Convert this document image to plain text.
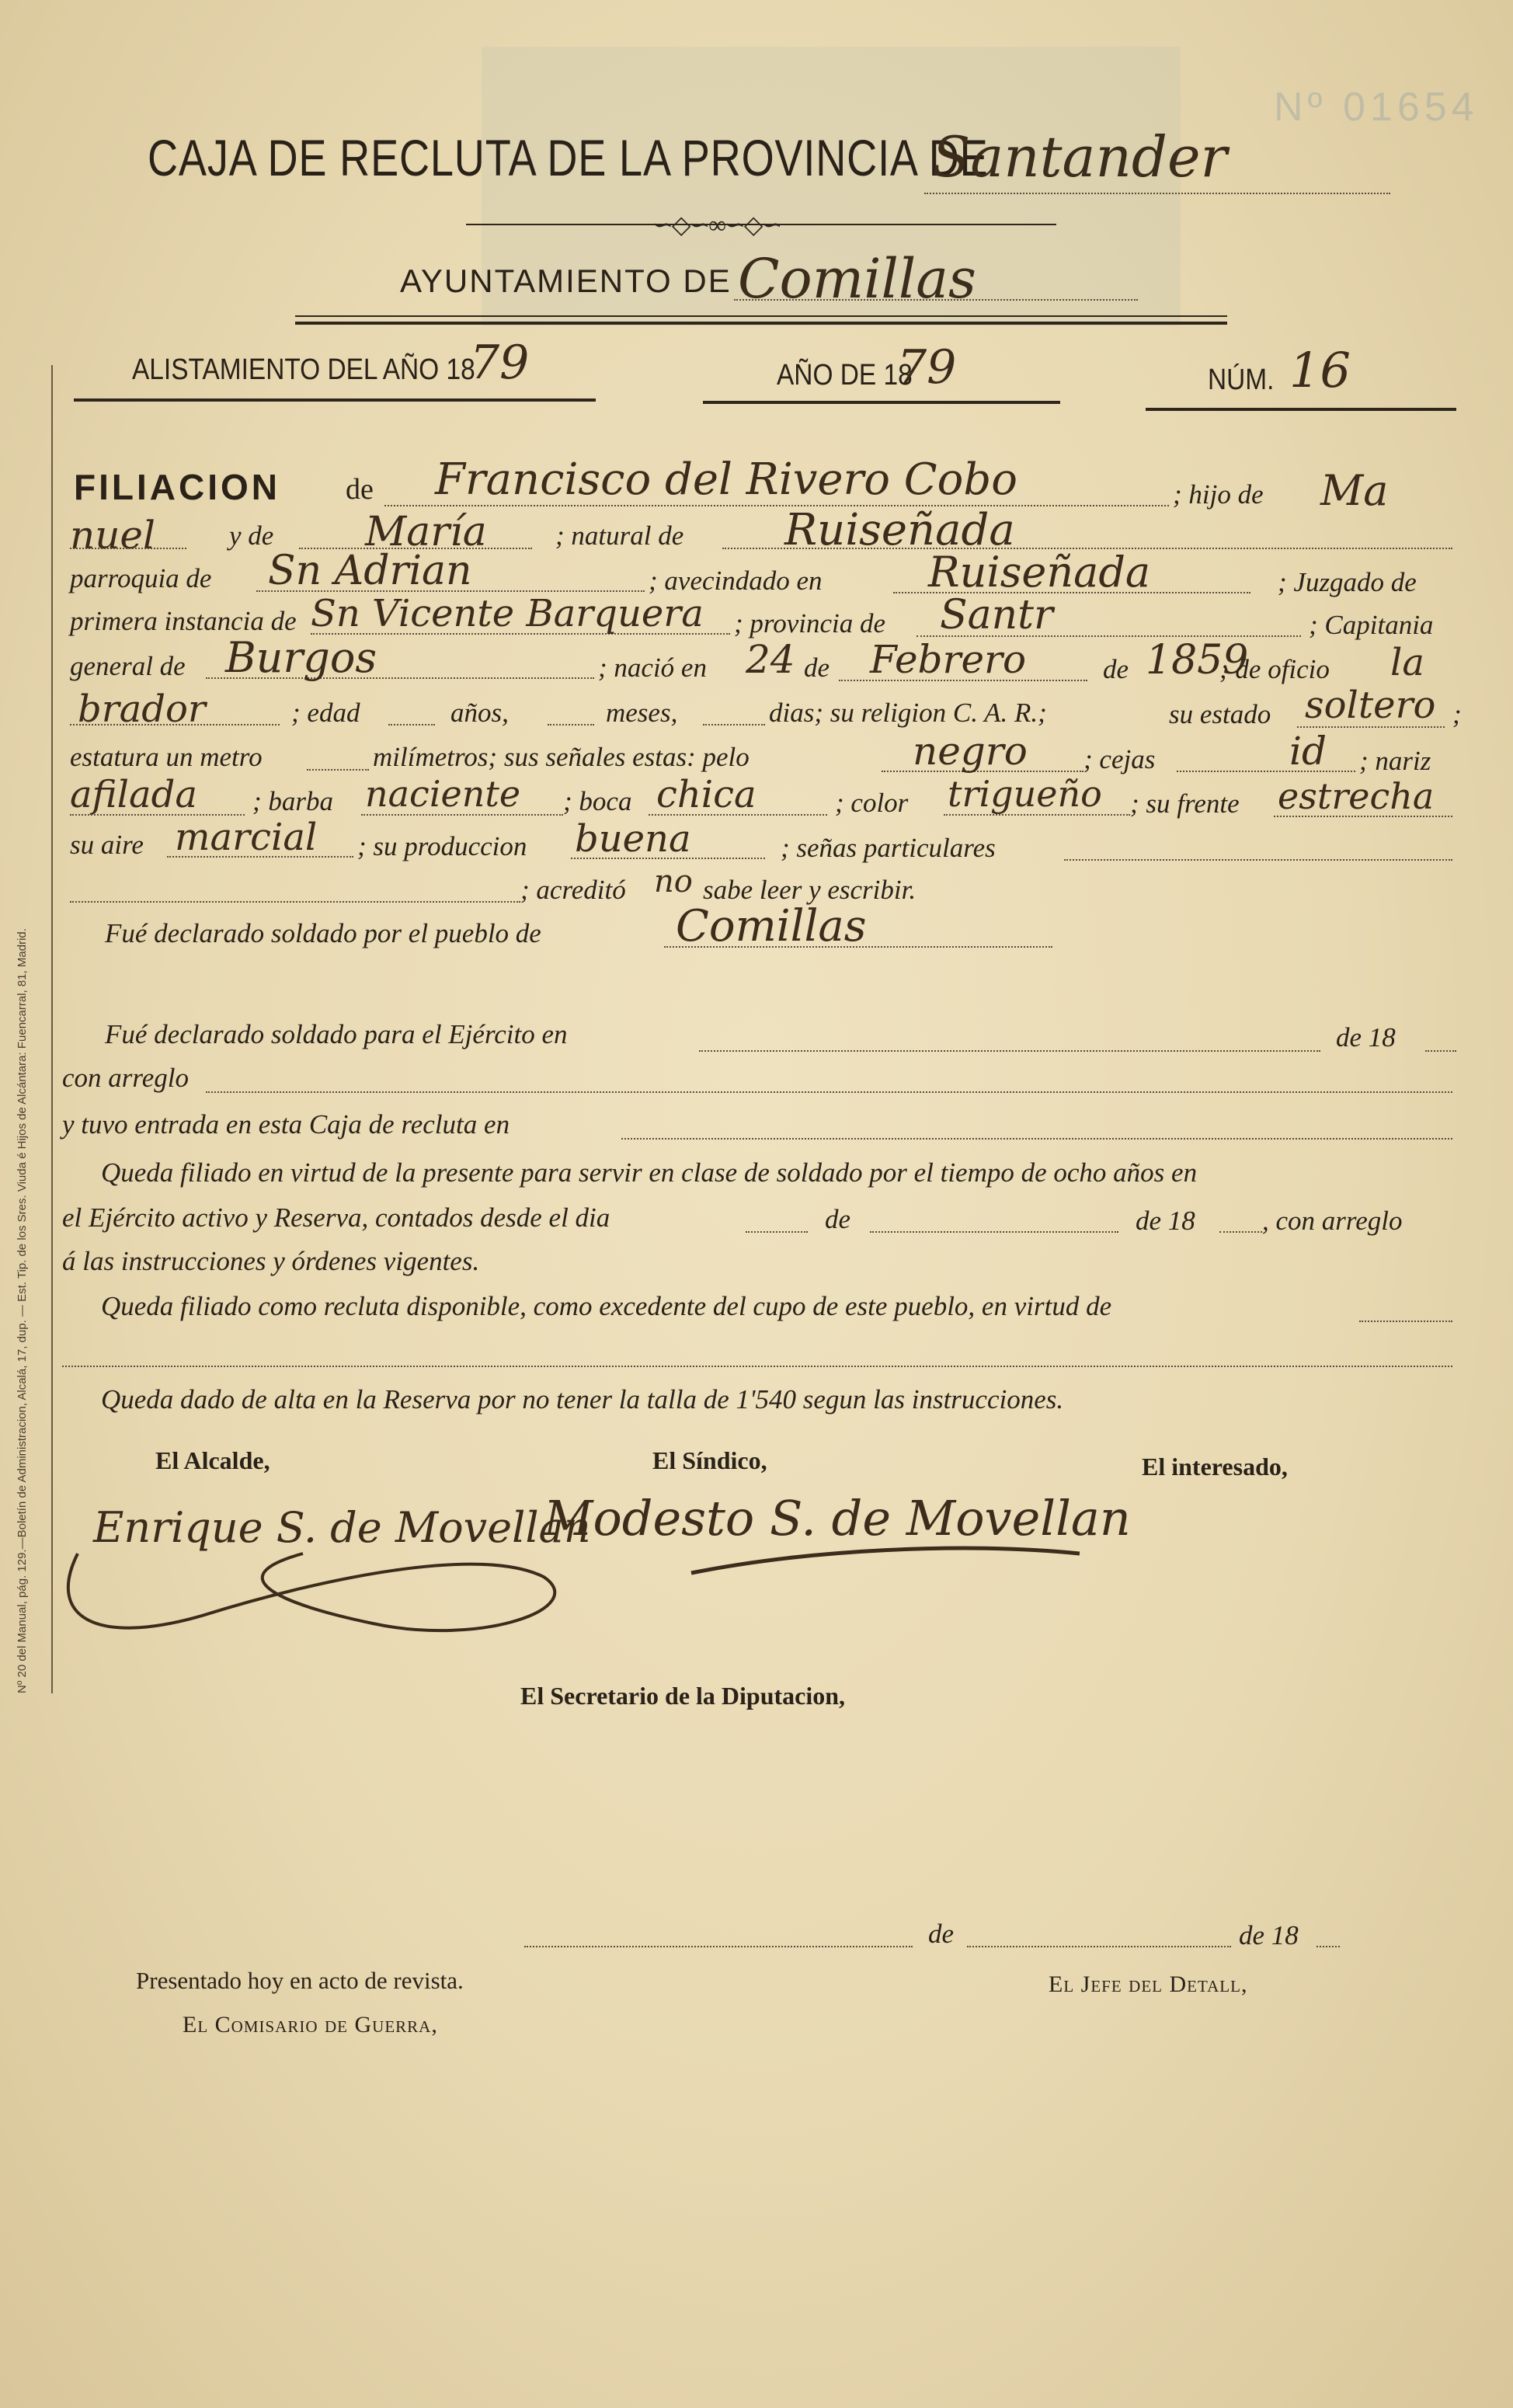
Nº 20 del Manual, pág. 129.—Boletín de Administracion, Alcalá, 17, dup. — Est. Tip. de los Sres. Viuda é Hijos de Alcántara: Fuencarral, 81, Madrid.
Nº 01654
CAJA DE RECLUTA DE LA PROVINCIA DE
Santander
∽◇∽∞∽◇∽
AYUNTAMIENTO DE Comillas
ALISTAMIENTO DEL AÑO 18
79	AÑO DE 18
79	NÚM. 16
FILIACION de Francisco del Rivero Cobo	; hijo de Ma
nuel	y de María	; natural de Ruiseñada
parroquia de Sn Adrian	; avecindado en	Ruiseñada	; Juzgado de
primera instancia de Sn Vicente Barquera ; provincia de Santr	; Capitania
general de Burgos	; nació en 24 de Febrero	de 1859
; de oficio la
brador	; edad	años,	meses,	dias; su religion C. A. R.;	su estado soltero ;
estatura un metro	milímetros; sus señales estas: pelo	negro ; cejas	id ; nariz
afilada ; barba naciente ; boca chica	; color trigueño ; su frente estrecha
su aire marcial ; su produccion buena	; señas particulares
; acreditó no sabe leer y escribir.
Fué declarado soldado por el pueblo de	Comillas
Fué declarado soldado para el Ejército en	de 18
con arreglo
y tuvo entrada en esta Caja de recluta en
Queda filiado en virtud de la presente para servir en clase de soldado por el tiempo de ocho años en
el Ejército activo y Reserva, contados desde el dia	de	de 18 , con arreglo
á las instrucciones y órdenes vigentes.
Queda filiado como recluta disponible, como excedente del cupo de este pueblo, en virtud de
Queda dado de alta en la Reserva por no tener la talla de 1'540 segun las instrucciones.
El Alcalde,	El Síndico,	El interesado,
Enrique S. de Movellan
Modesto S. de Movellan
El Secretario de la Diputacion,
de	de 18
Presentado hoy en acto de revista.
El Comisario de Guerra,
El Jefe del Detall,
